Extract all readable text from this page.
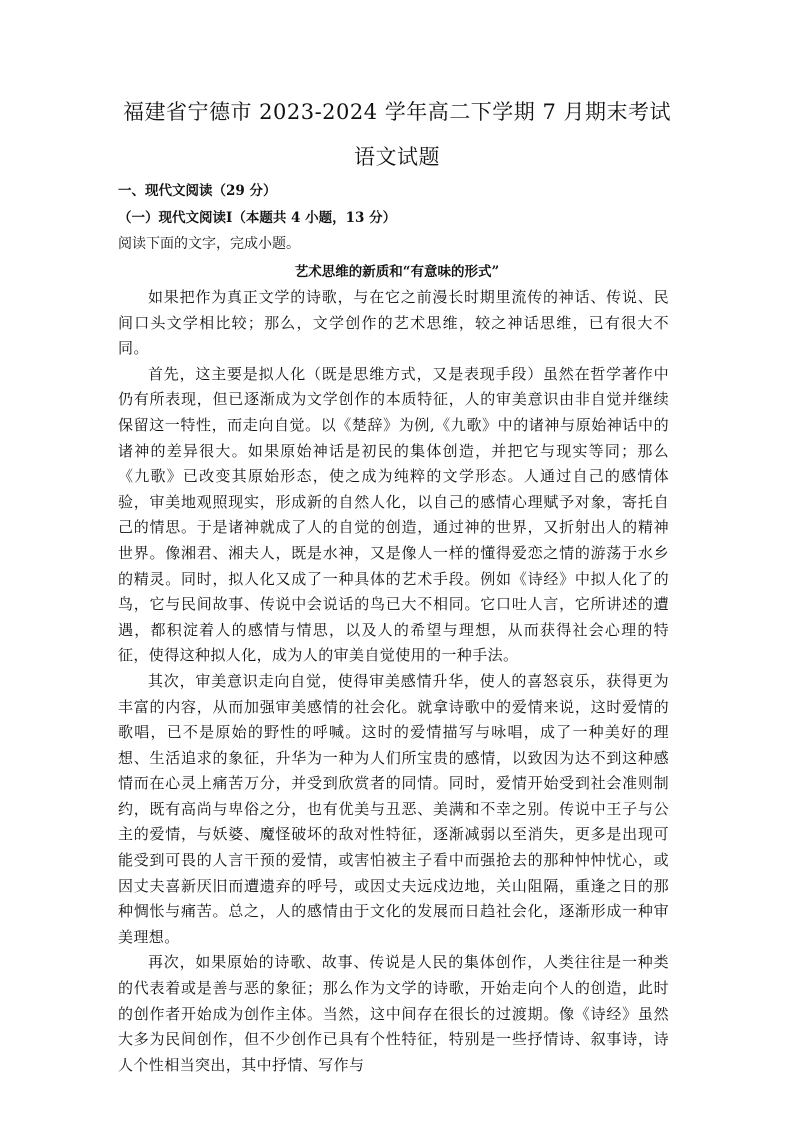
福建省宁德市 2023-2024 学年高二下学期 7 月期末考试
语文试题

一、现代文阅读（29 分）

（一）现代文阅读Ⅰ（本题共 4 小题，13 分）

阅读下面的文字，完成小题。

艺术思维的新质和“有意味的形式”

如果把作为真正文学的诗歌，与在它之前漫长时期里流传的神话、传说、民间口头文学相比较；那么，文学创作的艺术思维，较之神话思维，已有很大不同。

首先，这主要是拟人化（既是思维方式，又是表现手段）虽然在哲学著作中仍有所表现，但已逐渐成为文学创作的本质特征，人的审美意识由非自觉并继续保留这一特性，而走向自觉。以《楚辞》为例,《九歌》中的诸神与原始神话中的诸神的差异很大。如果原始神话是初民的集体创造，并把它与现实等同；那么《九歌》已改变其原始形态，使之成为纯粹的文学形态。人通过自己的感情体验，审美地观照现实，形成新的自然人化，以自己的感情心理赋予对象，寄托自己的情思。于是诸神就成了人的自觉的创造，通过神的世界，又折射出人的精神世界。像湘君、湘夫人，既是水神，又是像人一样的懂得爱恋之情的游荡于水乡的精灵。同时，拟人化又成了一种具体的艺术手段。例如《诗经》中拟人化了的鸟，它与民间故事、传说中会说话的鸟已大不相同。它口吐人言，它所讲述的遭遇，都积淀着人的感情与情思，以及人的希望与理想，从而获得社会心理的特征，使得这种拟人化，成为人的审美自觉使用的一种手法。

其次，审美意识走向自觉，使得审美感情升华，使人的喜怒哀乐，获得更为丰富的内容，从而加强审美感情的社会化。就拿诗歌中的爱情来说，这时爱情的歌唱，已不是原始的野性的呼喊。这时的爱情描写与咏唱，成了一种美好的理想、生活追求的象征，升华为一种为人们所宝贵的感情，以致因为达不到这种感情而在心灵上痛苦万分，并受到欣赏者的同情。同时，爱情开始受到社会准则制约，既有高尚与卑俗之分，也有优美与丑恶、美满和不幸之别。传说中王子与公主的爱情，与妖婆、魔怪破坏的敌对性特征，逐渐减弱以至消失，更多是出现可能受到可畏的人言干预的爱情，或害怕被主子看中而强抢去的那种忡忡忧心，或因丈夫喜新厌旧而遭遗弃的呼号，或因丈夫远戍边地，关山阻隔，重逢之日的那种惆怅与痛苦。总之，人的感情由于文化的发展而日趋社会化，逐渐形成一种审美理想。

再次，如果原始的诗歌、故事、传说是人民的集体创作，人类往往是一种类的代表着或是善与恶的象征；那么作为文学的诗歌，开始走向个人的创造，此时的创作者开始成为创作主体。当然，这中间存在很长的过渡期。像《诗经》虽然大多为民间创作，但不少创作已具有个性特征，特别是一些抒情诗、叙事诗，诗人个性相当突出，其中抒情、写作与
